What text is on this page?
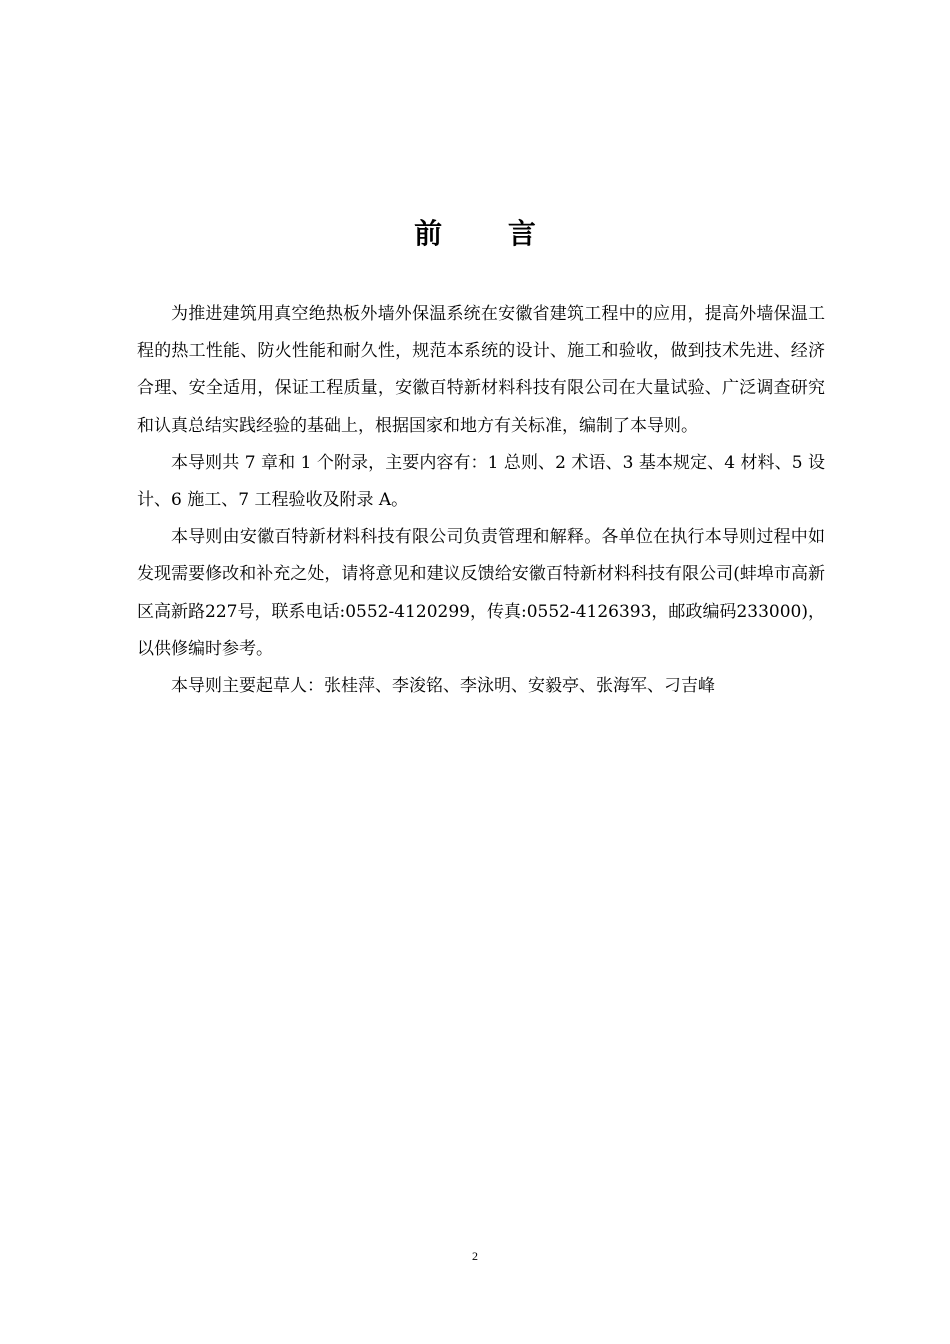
前 言

为推进建筑用真空绝热板外墙外保温系统在安徽省建筑工程中的应用，提高外墙保温工程的热工性能、防火性能和耐久性，规范本系统的设计、施工和验收，做到技术先进、经济合理、安全适用，保证工程质量，安徽百特新材料科技有限公司在大量试验、广泛调查研究和认真总结实践经验的基础上，根据国家和地方有关标准，编制了本导则。

本导则共 7 章和 1 个附录，主要内容有：1 总则、2 术语、3 基本规定、4 材料、5 设计、6 施工、7 工程验收及附录 A。

本导则由安徽百特新材料科技有限公司负责管理和解释。各单位在执行本导则过程中如发现需要修改和补充之处，请将意见和建议反馈给安徽百特新材料科技有限公司(蚌埠市高新区高新路227号，联系电话:0552-4120299，传真:0552-4126393，邮政编码233000)，以供修编时参考。

本导则主要起草人：张桂萍、李浚铭、李泳明、安毅亭、张海军、刁吉峰

2
